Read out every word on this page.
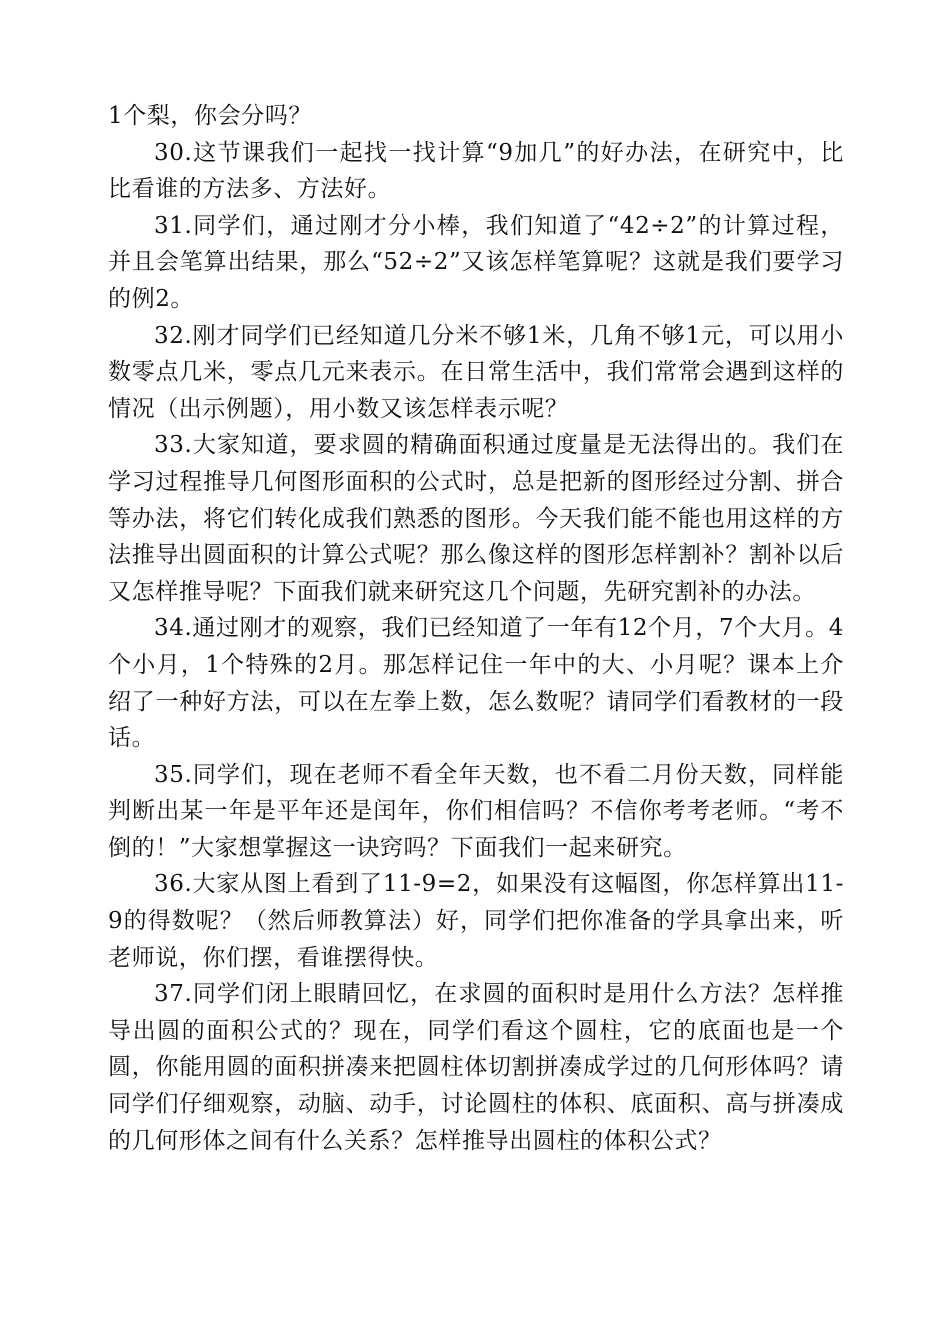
1个梨，你会分吗？

30.这节课我们一起找一找计算“9加几”的好办法，在研究中，比比看谁的方法多、方法好。

31.同学们，通过刚才分小棒，我们知道了“42÷2”的计算过程，并且会笔算出结果，那么“52÷2”又该怎样笔算呢？这就是我们要学习的例2。

32.刚才同学们已经知道几分米不够1米，几角不够1元，可以用小数零点几米，零点几元来表示。在日常生活中，我们常常会遇到这样的情况（出示例题），用小数又该怎样表示呢？

33.大家知道，要求圆的精确面积通过度量是无法得出的。我们在学习过程推导几何图形面积的公式时，总是把新的图形经过分割、拼合等办法，将它们转化成我们熟悉的图形。今天我们能不能也用这样的方法推导出圆面积的计算公式呢？那么像这样的图形怎样割补？割补以后又怎样推导呢？下面我们就来研究这几个问题，先研究割补的办法。

34.通过刚才的观察，我们已经知道了一年有12个月，7个大月。4个小月，1个特殊的2月。那怎样记住一年中的大、小月呢？课本上介绍了一种好方法，可以在左拳上数，怎么数呢？请同学们看教材的一段话。

35.同学们，现在老师不看全年天数，也不看二月份天数，同样能判断出某一年是平年还是闰年，你们相信吗？不信你考考老师。“考不倒的！”大家想掌握这一诀窍吗？下面我们一起来研究。

36.大家从图上看到了11-9=2，如果没有这幅图，你怎样算出11-9的得数呢？（然后师教算法）好，同学们把你准备的学具拿出来，听老师说，你们摆，看谁摆得快。

37.同学们闭上眼睛回忆，在求圆的面积时是用什么方法？怎样推导出圆的面积公式的？现在，同学们看这个圆柱，它的底面也是一个圆，你能用圆的面积拼凑来把圆柱体切割拼凑成学过的几何形体吗？请同学们仔细观察，动脑、动手，讨论圆柱的体积、底面积、高与拼凑成的几何形体之间有什么关系？怎样推导出圆柱的体积公式？
